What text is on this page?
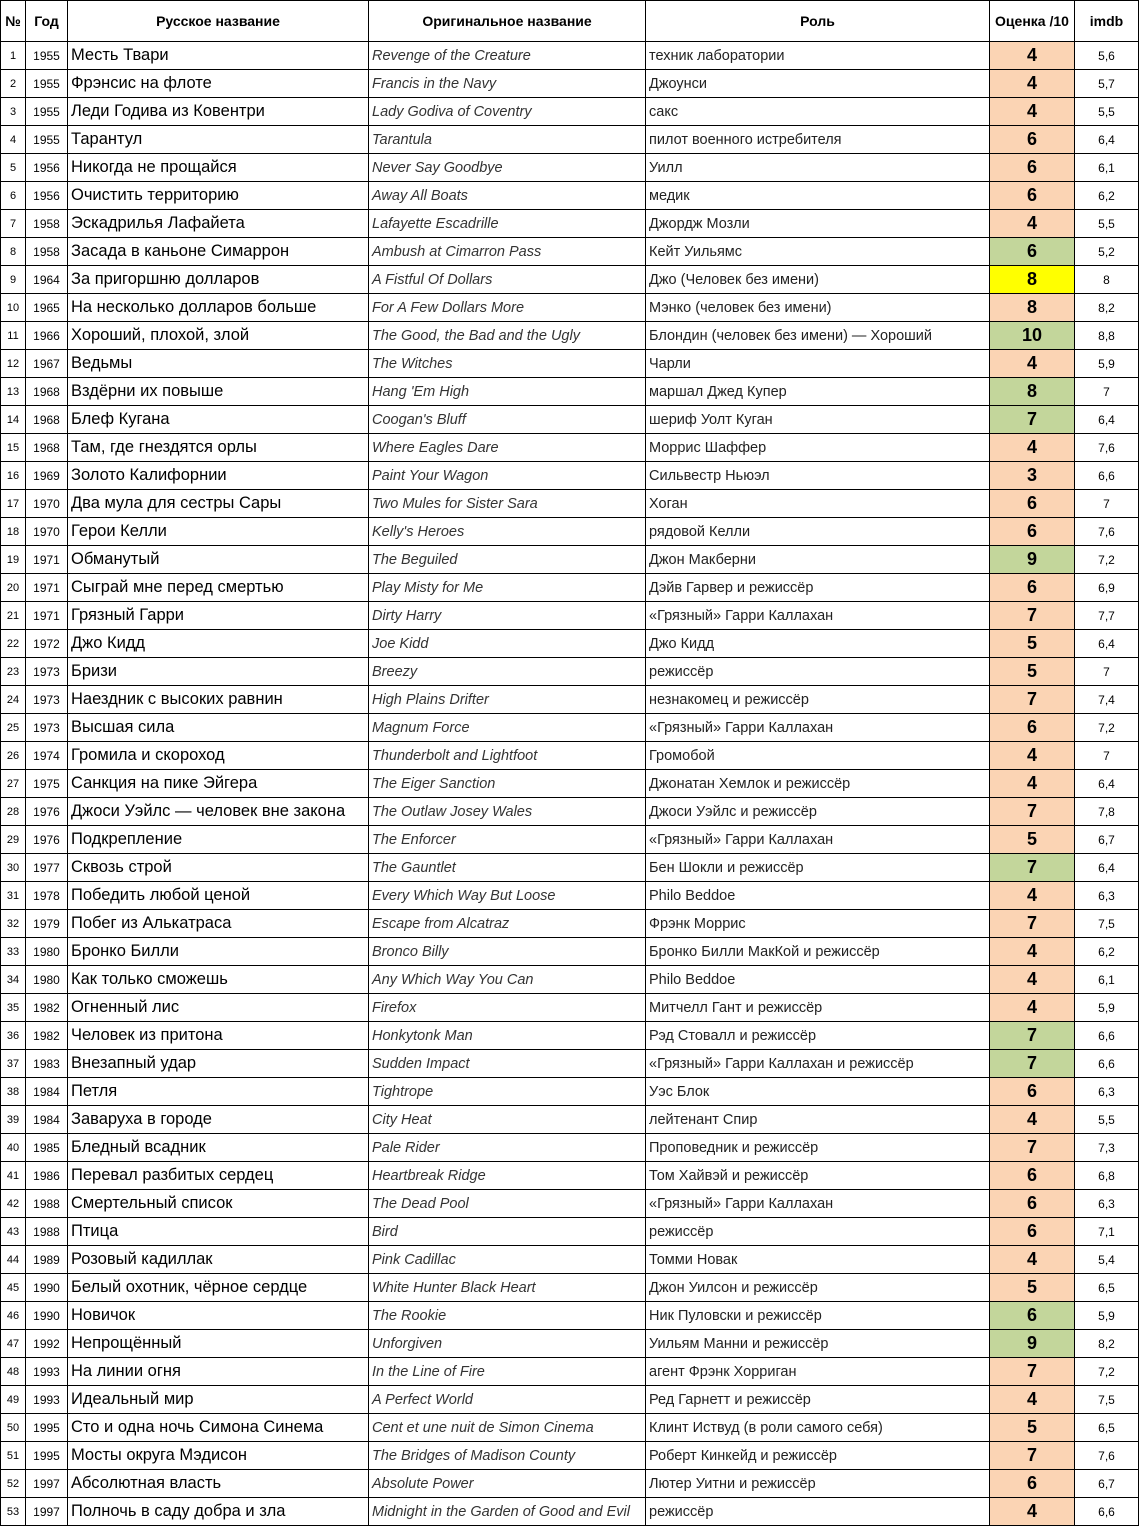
№	Год	Русское название	Оригинальное название	Роль	Оценка /10	imdb
1	1955	Месть Твари	Revenge of the Creature	техник лаборатории	4	5,6
2	1955	Фрэнсис на флоте	Francis in the Navy	Джоунси	4	5,7
3	1955	Леди Годива из Ковентри	Lady Godiva of Coventry	сакс	4	5,5
4	1955	Тарантул	Tarantula	пилот военного истребителя	6	6,4
5	1956	Никогда не прощайся	Never Say Goodbye	Уилл	6	6,1
6	1956	Очистить территорию	Away All Boats	медик	6	6,2
7	1958	Эскадрилья Лафайета	Lafayette Escadrille	Джордж Мозли	4	5,5
8	1958	Засада в каньоне Симаррон	Ambush at Cimarron Pass	Кейт Уильямс	6	5,2
9	1964	За пригоршню долларов	A Fistful Of Dollars	Джо (Человек без имени)	8	8
10	1965	На несколько долларов больше	For A Few Dollars More	Мэнко (человек без имени)	8	8,2
11	1966	Хороший, плохой, злой	The Good, the Bad and the Ugly	Блондин (человек без имени) — Хороший	10	8,8
12	1967	Ведьмы	The Witches	Чарли	4	5,9
13	1968	Вздёрни их повыше	Hang 'Em High	маршал Джед Купер	8	7
14	1968	Блеф Кугана	Coogan's Bluff	шериф Уолт Куган	7	6,4
15	1968	Там, где гнездятся орлы	Where Eagles Dare	Моррис Шаффер	4	7,6
16	1969	Золото Калифорнии	Paint Your Wagon	Сильвестр Ньюэл	3	6,6
17	1970	Два мула для сестры Сары	Two Mules for Sister Sara	Хоган	6	7
18	1970	Герои Келли	Kelly's Heroes	рядовой Келли	6	7,6
19	1971	Обманутый	The Beguiled	Джон Макберни	9	7,2
20	1971	Сыграй мне перед смертью	Play Misty for Me	Дэйв Гарвер и режиссёр	6	6,9
21	1971	Грязный Гарри	Dirty Harry	«Грязный» Гарри Каллахан	7	7,7
22	1972	Джо Кидд	Joe Kidd	Джо Кидд	5	6,4
23	1973	Бризи	Breezy	режиссёр	5	7
24	1973	Наездник с высоких равнин	High Plains Drifter	незнакомец и режиссёр	7	7,4
25	1973	Высшая сила	Magnum Force	«Грязный» Гарри Каллахан	6	7,2
26	1974	Громила и скороход	Thunderbolt and Lightfoot	Громобой	4	7
27	1975	Санкция на пике Эйгера	The Eiger Sanction	Джонатан Хемлок и режиссёр	4	6,4
28	1976	Джоси Уэйлс — человек вне закона	The Outlaw Josey Wales	Джоси Уэйлс и режиссёр	7	7,8
29	1976	Подкрепление	The Enforcer	«Грязный» Гарри Каллахан	5	6,7
30	1977	Сквозь строй	The Gauntlet	Бен Шокли и режиссёр	7	6,4
31	1978	Победить любой ценой	Every Which Way But Loose	Philo Beddoe	4	6,3
32	1979	Побег из Алькатраса	Escape from Alcatraz	Фрэнк Моррис	7	7,5
33	1980	Бронко Билли	Bronco Billy	Бронко Билли МакКой и режиссёр	4	6,2
34	1980	Как только сможешь	Any Which Way You Can	Philo Beddoe	4	6,1
35	1982	Огненный лис	Firefox	Митчелл Гант и режиссёр	4	5,9
36	1982	Человек из притона	Honkytonk Man	Рэд Стовалл и режиссёр	7	6,6
37	1983	Внезапный удар	Sudden Impact	«Грязный» Гарри Каллахан и режиссёр	7	6,6
38	1984	Петля	Tightrope	Уэс Блок	6	6,3
39	1984	Заваруха в городе	City Heat	лейтенант Спир	4	5,5
40	1985	Бледный всадник	Pale Rider	Проповедник и режиссёр	7	7,3
41	1986	Перевал разбитых сердец	Heartbreak Ridge	Том Хайвэй и режиссёр	6	6,8
42	1988	Смертельный список	The Dead Pool	«Грязный» Гарри Каллахан	6	6,3
43	1988	Птица	Bird	режиссёр	6	7,1
44	1989	Розовый кадиллак	Pink Cadillac	Томми Новак	4	5,4
45	1990	Белый охотник, чёрное сердце	White Hunter Black Heart	Джон Уилсон и режиссёр	5	6,5
46	1990	Новичок	The Rookie	Ник Пуловски и режиссёр	6	5,9
47	1992	Непрощённый	Unforgiven	Уильям Манни и режиссёр	9	8,2
48	1993	На линии огня	In the Line of Fire	агент Фрэнк Хорриган	7	7,2
49	1993	Идеальный мир	A Perfect World	Ред Гарнетт и режиссёр	4	7,5
50	1995	Сто и одна ночь Симона Синема	Cent et une nuit de Simon Cinema	Клинт Иствуд (в роли самого себя)	5	6,5
51	1995	Мосты округа Мэдисон	The Bridges of Madison County	Роберт Кинкейд и режиссёр	7	7,6
52	1997	Абсолютная власть	Absolute Power	Лютер Уитни и режиссёр	6	6,7
53	1997	Полночь в саду добра и зла	Midnight in the Garden of Good and Evil	режиссёр	4	6,6
